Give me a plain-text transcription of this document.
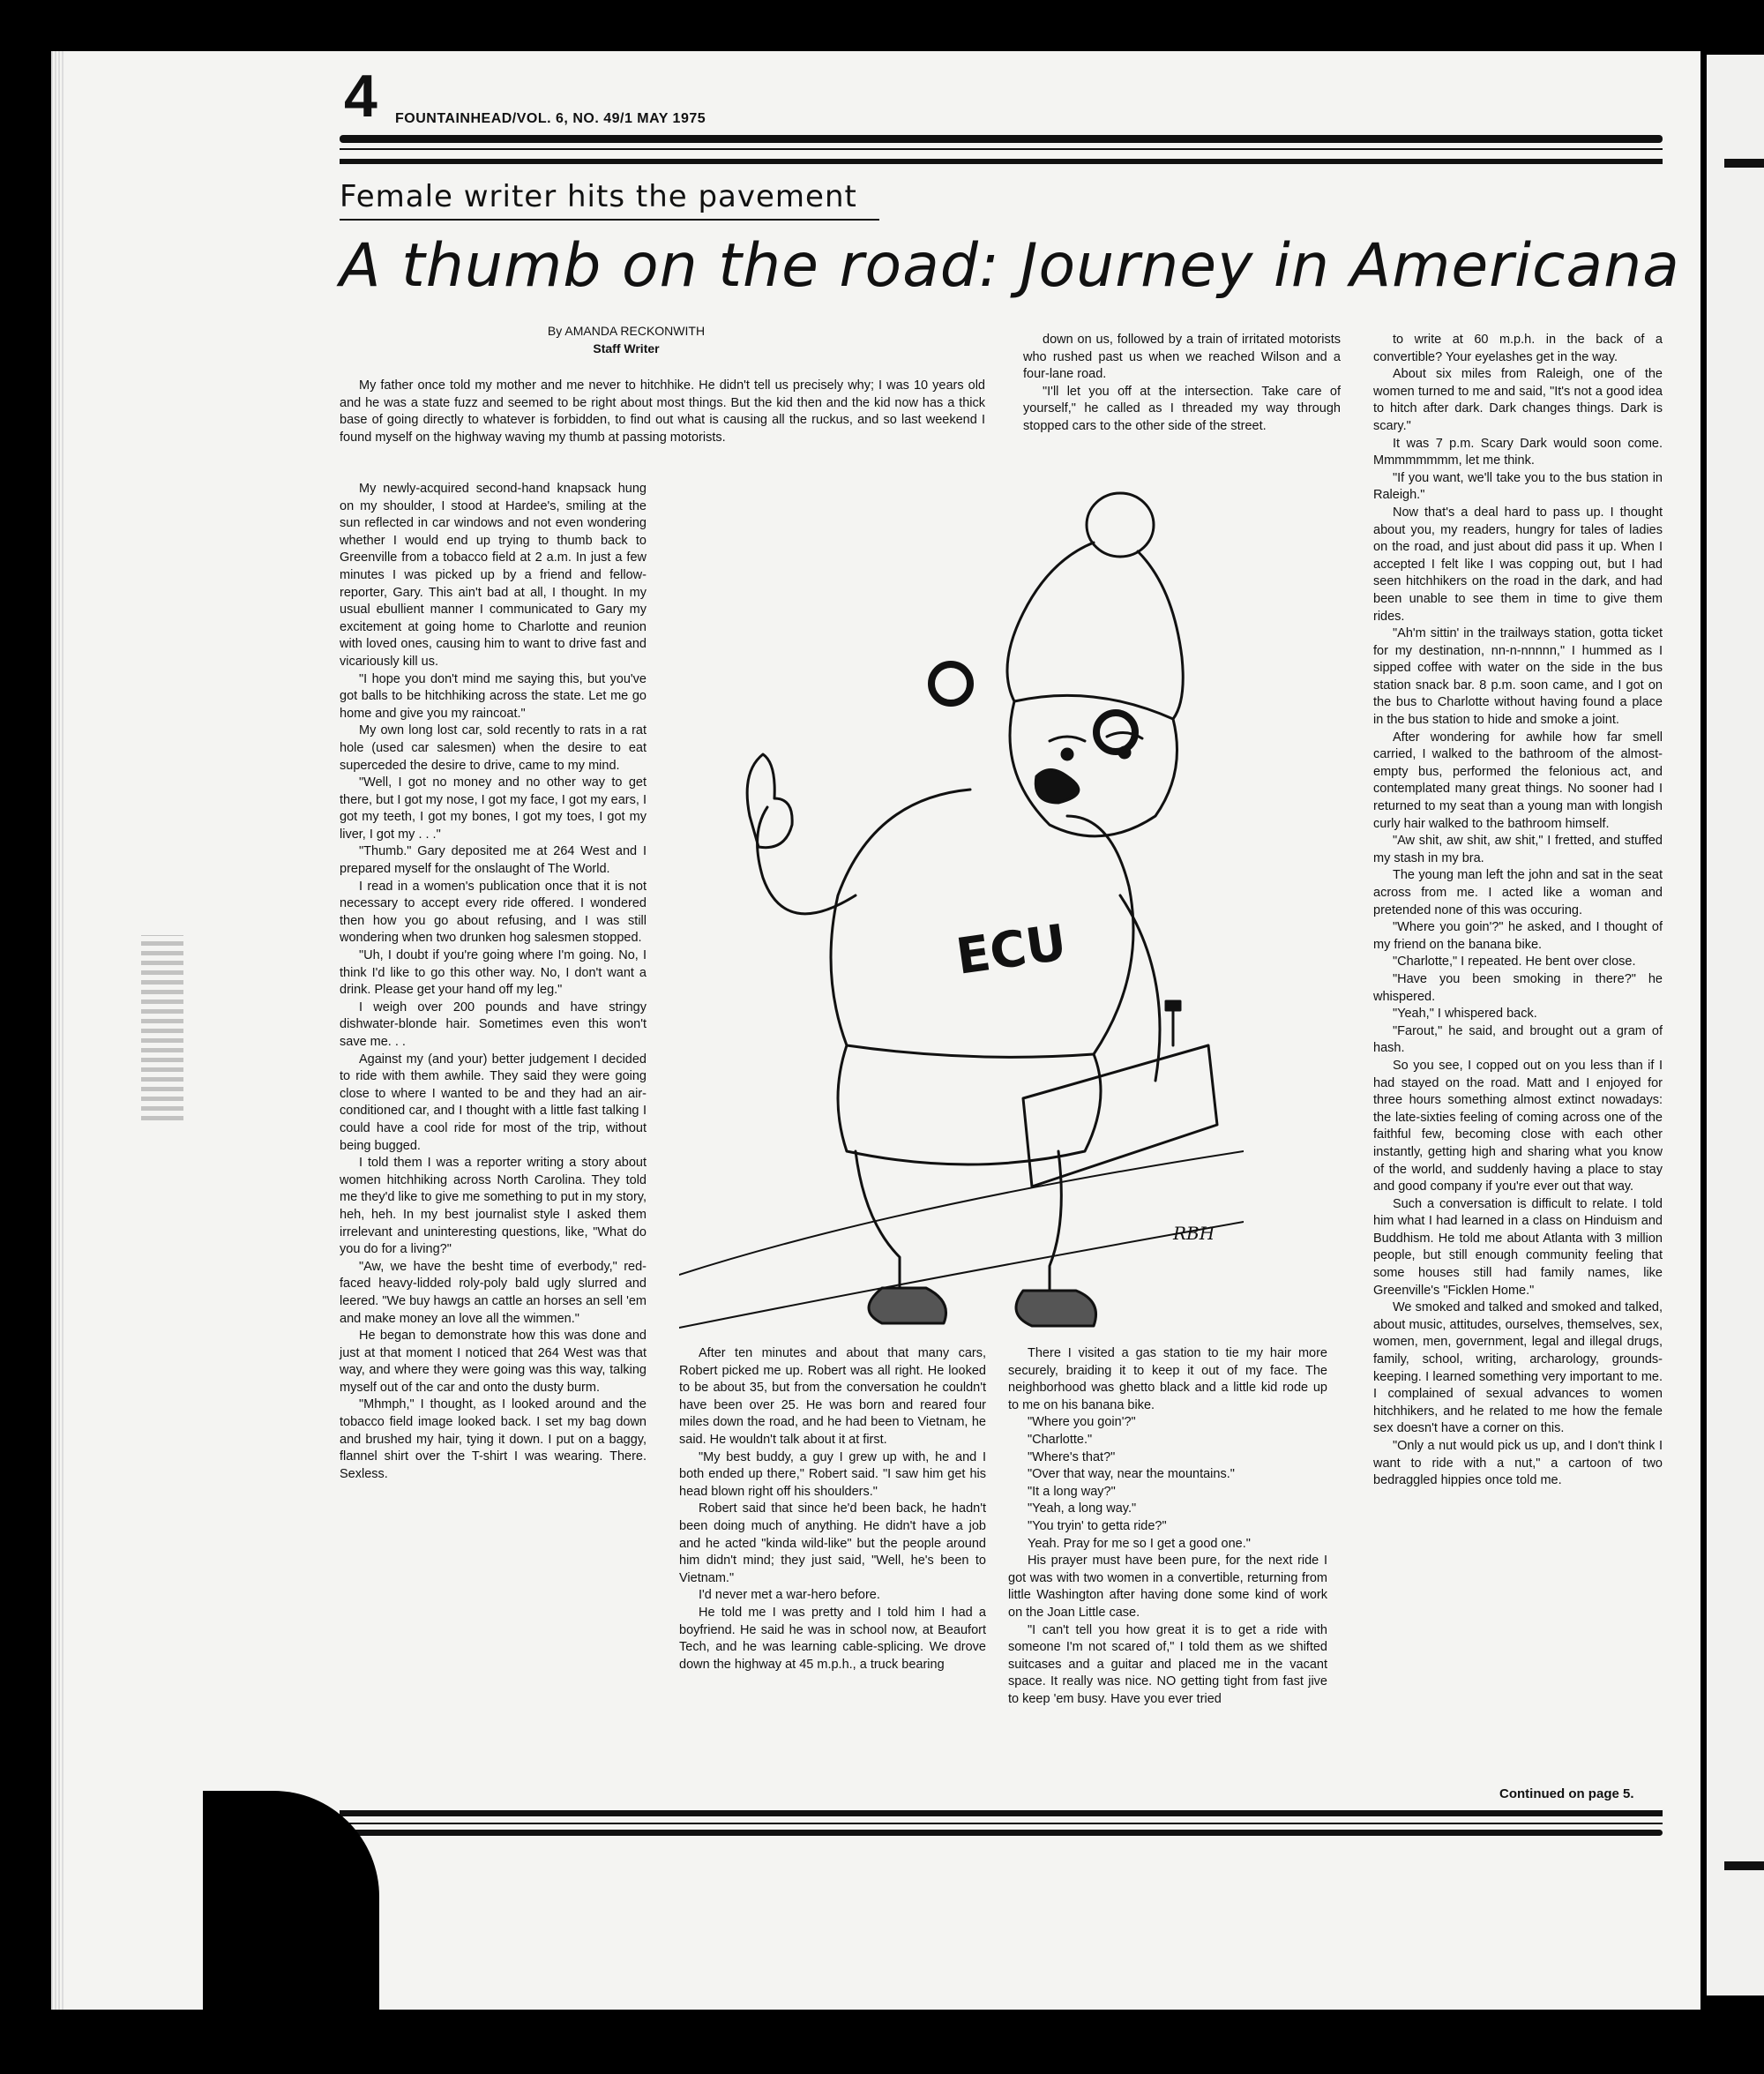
4 FOUNTAINHEAD/VOL. 6, NO. 49/1 MAY 1975
Female writer hits the pavement
A thumb on the road: Journey in Americana
By AMANDA RECKONWITH
Staff Writer
My father once told my mother and me never to hitchhike. He didn't tell us precisely why; I was 10 years old and he was a state fuzz and seemed to be right about most things. But the kid then and the kid now has a thick base of going directly to whatever is forbidden, to find out what is causing all the ruckus, and so last weekend I found myself on the highway waving my thumb at passing motorists.

My newly-acquired second-hand knapsack hung on my shoulder, I stood at Hardee's, smiling at the sun reflected in car windows and not even wondering whether I would end up trying to thumb back to Greenville from a tobacco field at 2 a.m. In just a few minutes I was picked up by a friend and fellow-reporter, Gary. This ain't bad at all, I thought. In my usual ebullient manner I communicated to Gary my excitement at going home to Charlotte and reunion with loved ones, causing him to want to drive fast and vicariously kill us.

"I hope you don't mind me saying this, but you've got balls to be hitchhiking across the state. Let me go home and give you my raincoat."

My own long lost car, sold recently to rats in a rat hole (used car salesmen) when the desire to eat superceded the desire to drive, came to my mind.

"Well, I got no money and no other way to get there, but I got my nose, I got my face, I got my ears, I got my teeth, I got my bones, I got my toes, I got my liver, I got my . . ."

"Thumb." Gary deposited me at 264 West and I prepared myself for the onslaught of The World.

I read in a women's publication once that it is not necessary to accept every ride offered. I wondered then how you go about refusing, and I was still wondering when two drunken hog salesmen stopped.

"Uh, I doubt if you're going where I'm going. No, I think I'd like to go this other way. No, I don't want a drink. Please get your hand off my leg."

I weigh over 200 pounds and have stringy dishwater-blonde hair. Sometimes even this won't save me. . .

Against my (and your) better judgement I decided to ride with them awhile. They said they were going close to where I wanted to be and they had an air-conditioned car, and I thought with a little fast talking I could have a cool ride for most of the trip, without being bugged.

I told them I was a reporter writing a story about women hitchhiking across North Carolina. They told me they'd like to give me something to put in my story, heh, heh. In my best journalist style I asked them irrelevant and uninteresting questions, like, "What do you do for a living?"

"Aw, we have the besht time of everbody," red-faced heavy-lidded roly-poly bald ugly slurred and leered. "We buy hawgs an cattle an horses an sell 'em and make money an love all the wimmen."

He began to demonstrate how this was done and just at that moment I noticed that 264 West was that way, and where they were going was this way, talking myself out of the car and onto the dusty burm.

"Mhmph," I thought, as I looked around and the tobacco field image looked back. I set my bag down and brushed my hair, tying it down. I put on a baggy, flannel shirt over the T-shirt I was wearing. There. Sexless.

After ten minutes and about that many cars, Robert picked me up. Robert was all right. He looked to be about 35, but from the conversation he couldn't have been over 25. He was born and reared four miles down the road, and he had been to Vietnam, he said. He wouldn't talk about it at first.

"My best buddy, a guy I grew up with, he and I both ended up there," Robert said. "I saw him get his head blown right off his shoulders."

Robert said that since he'd been back, he hadn't been doing much of anything. He didn't have a job and he acted "kinda wild-like" but the people around him didn't mind; they just said, "Well, he's been to Vietnam."

I'd never met a war-hero before.

He told me I was pretty and I told him I had a boyfriend. He said he was in school now, at Beaufort Tech, and he was learning cable-splicing. We drove down the highway at 45 m.p.h., a truck bearing

down on us, followed by a train of irritated motorists who rushed past us when we reached Wilson and a four-lane road.

"I'll let you off at the intersection. Take care of yourself," he called as I threaded my way through stopped cars to the other side of the street.

There I visited a gas station to tie my hair more securely, braiding it to keep it out of my face. The neighborhood was ghetto black and a little kid rode up to me on his banana bike.

"Where you goin'?"

"Charlotte."

"Where's that?"

"Over that way, near the mountains."

"It a long way?"

"Yeah, a long way."

"You tryin' to getta ride?"

Yeah. Pray for me so I get a good one."

His prayer must have been pure, for the next ride I got was with two women in a convertible, returning from little Washington after having done some kind of work on the Joan Little case.

"I can't tell you how great it is to get a ride with someone I'm not scared of," I told them as we shifted suitcases and a guitar and placed me in the vacant space. It really was nice. NO getting tight from fast jive to keep 'em busy. Have you ever tried

to write at 60 m.p.h. in the back of a convertible? Your eyelashes get in the way.

About six miles from Raleigh, one of the women turned to me and said, "It's not a good idea to hitch after dark. Dark changes things. Dark is scary."

It was 7 p.m. Scary Dark would soon come. Mmmmmmmm, let me think.

"If you want, we'll take you to the bus station in Raleigh."

Now that's a deal hard to pass up. I thought about you, my readers, hungry for tales of ladies on the road, and just about did pass it up. When I accepted I felt like I was copping out, but I had seen hitchhikers on the road in the dark, and had been unable to see them in time to give them rides.

"Ah'm sittin' in the trailways station, gotta ticket for my destination, nn-n-nnnnn," I hummed as I sipped coffee with water on the side in the bus station snack bar. 8 p.m. soon came, and I got on the bus to Charlotte without having found a place in the bus station to hide and smoke a joint.

After wondering for awhile how far smell carried, I walked to the bathroom of the almost-empty bus, performed the felonious act, and contemplated many great things. No sooner had I returned to my seat than a young man with longish curly hair walked to the bathroom himself.

"Aw shit, aw shit, aw shit," I fretted, and stuffed my stash in my bra.

The young man left the john and sat in the seat across from me. I acted like a woman and pretended none of this was occuring.

"Where you goin'?" he asked, and I thought of my friend on the banana bike.

"Charlotte," I repeated. He bent over close.

"Have you been smoking in there?" he whispered.

"Yeah," I whispered back.

"Farout," he said, and brought out a gram of hash.

So you see, I copped out on you less than if I had stayed on the road. Matt and I enjoyed for three hours something almost extinct nowadays: the late-sixties feeling of coming across one of the faithful few, becoming close with each other instantly, getting high and sharing what you know of the world, and suddenly having a place to stay and good company if you're ever out that way.

Such a conversation is difficult to relate. I told him what I had learned in a class on Hinduism and Buddhism. He told me about Atlanta with 3 million people, but still enough community feeling that some houses still had family names, like Greenville's "Ficklen Home."

We smoked and talked and smoked and talked, about music, attitudes, ourselves, themselves, sex, women, men, government, legal and illegal drugs, family, school, writing, archarology, grounds-keeping. I learned something very important to me. I complained of sexual advances to women hitchhikers, and he related to me how the female sex doesn't have a corner on this.

"Only a nut would pick us up, and I don't think I want to ride with a nut," a cartoon of two bedraggled hippies once told me.

ECU
RBH
Continued on page 5.
